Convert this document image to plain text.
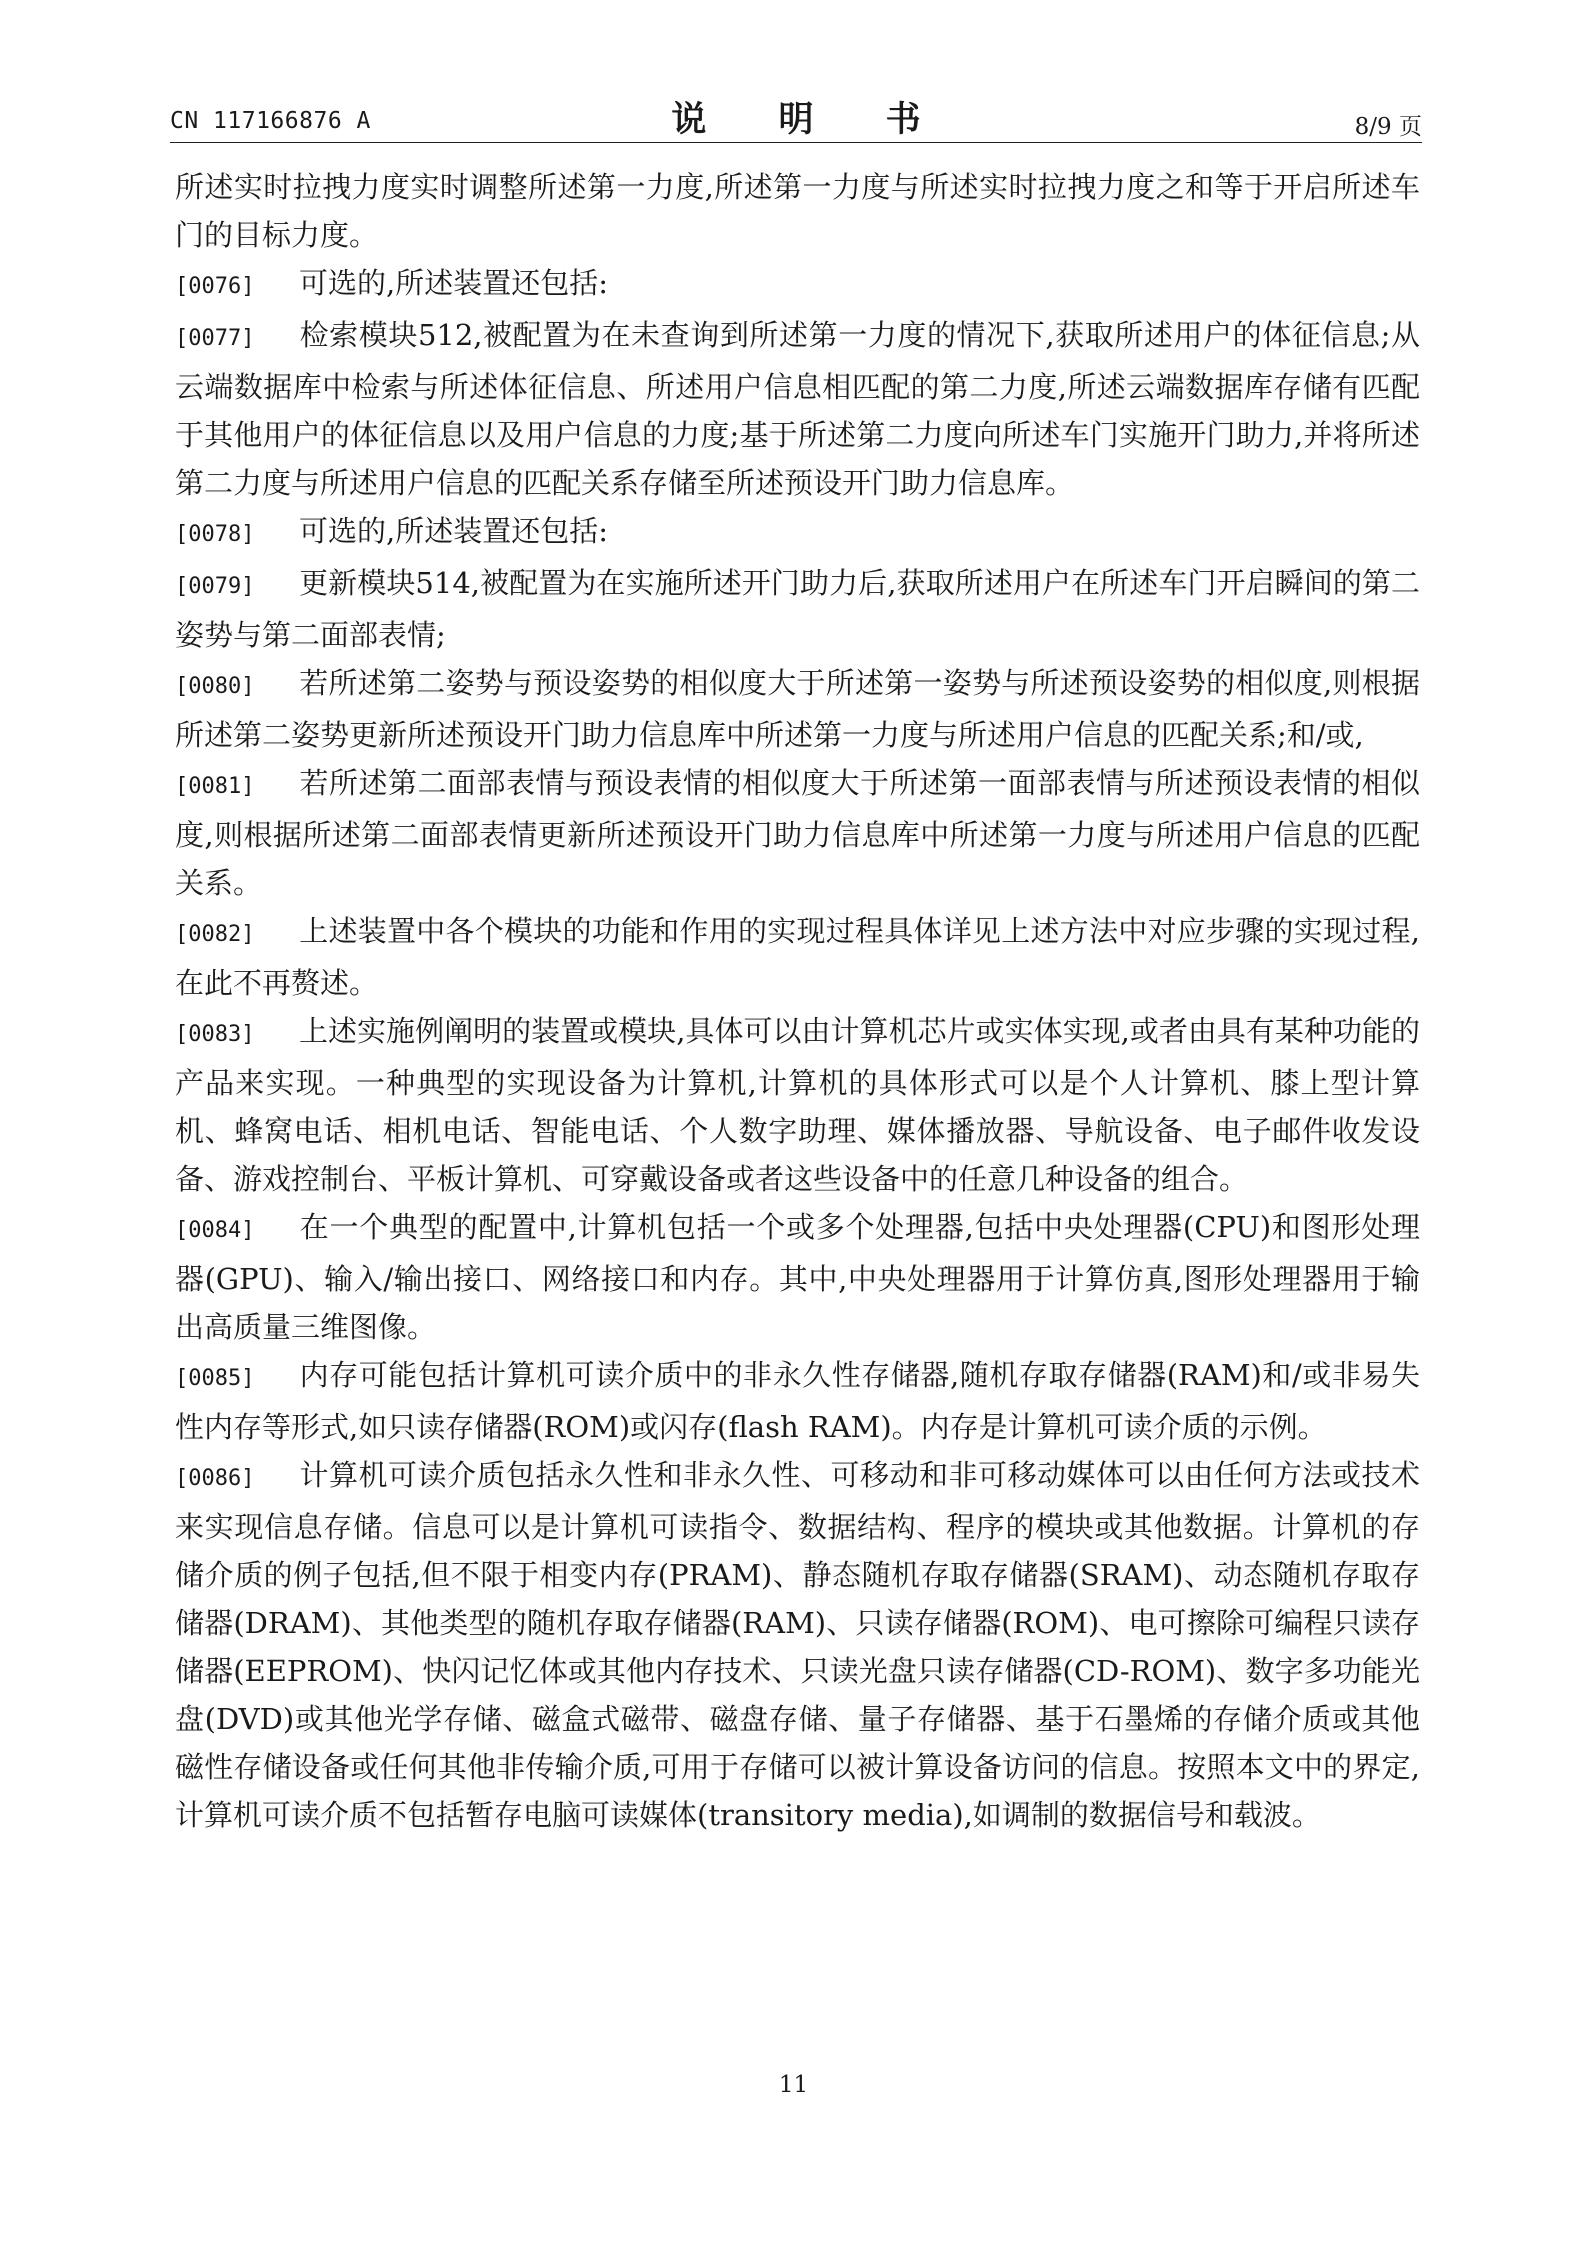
CN 117166876 A	说 明 书	8/9 页

所述实时拉拽力度实时调整所述第一力度,所述第一力度与所述实时拉拽力度之和等于开启所述车门的目标力度。

[0076] 可选的,所述装置还包括:

[0077] 检索模块512,被配置为在未查询到所述第一力度的情况下,获取所述用户的体征信息;从云端数据库中检索与所述体征信息、所述用户信息相匹配的第二力度,所述云端数据库存储有匹配于其他用户的体征信息以及用户信息的力度;基于所述第二力度向所述车门实施开门助力,并将所述第二力度与所述用户信息的匹配关系存储至所述预设开门助力信息库。

[0078] 可选的,所述装置还包括:

[0079] 更新模块514,被配置为在实施所述开门助力后,获取所述用户在所述车门开启瞬间的第二姿势与第二面部表情;

[0080] 若所述第二姿势与预设姿势的相似度大于所述第一姿势与所述预设姿势的相似度,则根据所述第二姿势更新所述预设开门助力信息库中所述第一力度与所述用户信息的匹配关系;和/或,

[0081] 若所述第二面部表情与预设表情的相似度大于所述第一面部表情与所述预设表情的相似度,则根据所述第二面部表情更新所述预设开门助力信息库中所述第一力度与所述用户信息的匹配关系。

[0082] 上述装置中各个模块的功能和作用的实现过程具体详见上述方法中对应步骤的实现过程,在此不再赘述。

[0083] 上述实施例阐明的装置或模块,具体可以由计算机芯片或实体实现,或者由具有某种功能的产品来实现。一种典型的实现设备为计算机,计算机的具体形式可以是个人计算机、膝上型计算机、蜂窝电话、相机电话、智能电话、个人数字助理、媒体播放器、导航设备、电子邮件收发设备、游戏控制台、平板计算机、可穿戴设备或者这些设备中的任意几种设备的组合。

[0084] 在一个典型的配置中,计算机包括一个或多个处理器,包括中央处理器(CPU)和图形处理器(GPU)、输入/输出接口、网络接口和内存。其中,中央处理器用于计算仿真,图形处理器用于输出高质量三维图像。

[0085] 内存可能包括计算机可读介质中的非永久性存储器,随机存取存储器(RAM)和/或非易失性内存等形式,如只读存储器(ROM)或闪存(flash RAM)。内存是计算机可读介质的示例。

[0086] 计算机可读介质包括永久性和非永久性、可移动和非可移动媒体可以由任何方法或技术来实现信息存储。信息可以是计算机可读指令、数据结构、程序的模块或其他数据。计算机的存储介质的例子包括,但不限于相变内存(PRAM)、静态随机存取存储器(SRAM)、动态随机存取存储器(DRAM)、其他类型的随机存取存储器(RAM)、只读存储器(ROM)、电可擦除可编程只读存储器(EEPROM)、快闪记忆体或其他内存技术、只读光盘只读存储器(CD-ROM)、数字多功能光盘(DVD)或其他光学存储、磁盒式磁带、磁盘存储、量子存储器、基于石墨烯的存储介质或其他磁性存储设备或任何其他非传输介质,可用于存储可以被计算设备访问的信息。按照本文中的界定,计算机可读介质不包括暂存电脑可读媒体(transitory media),如调制的数据信号和载波。

11
